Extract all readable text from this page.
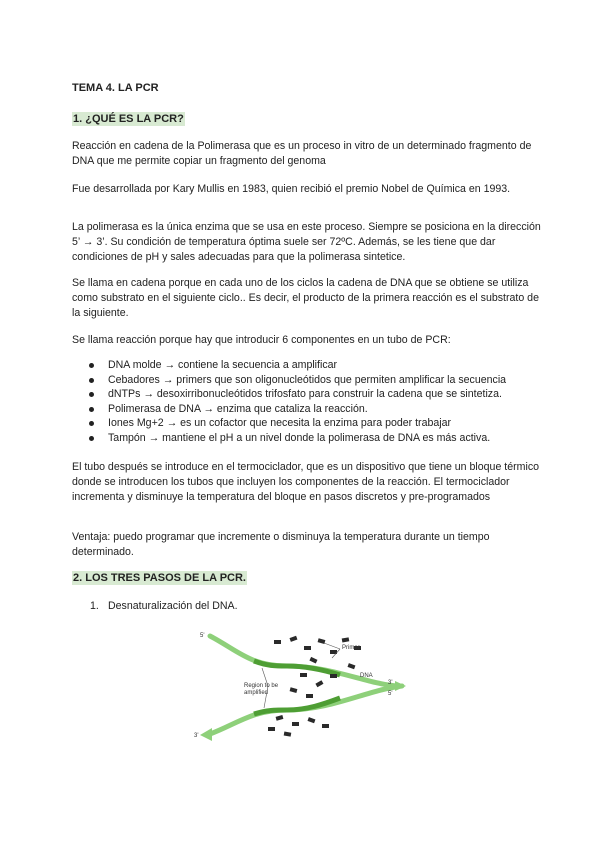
TEMA 4. LA PCR
1. ¿QUÉ ES LA PCR?

Reacción en cadena de la Polimerasa que es un proceso in vitro de un determinado fragmento de DNA que me permite copiar un fragmento del genoma

Fue desarrollada por Kary Mullis en 1983, quien recibió el premio Nobel de Química en 1993.

La polimerasa es la única enzima que se usa en este proceso. Siempre se posiciona en la dirección 5’ → 3’. Su condición de temperatura óptima suele ser 72ºC. Además, se les tiene que dar condiciones de pH y sales adecuadas para que la polimerasa sintetice.

Se llama en cadena porque en cada uno de los ciclos la cadena de DNA que se obtiene se utiliza como substrato en el siguiente ciclo.. Es decir, el producto de la primera reacción es el substrato de la siguiente.

Se llama reacción porque hay que introducir 6 componentes en un tubo de PCR:

DNA molde → contiene la secuencia a amplificar
Cebadores → primers que son oligonucleótidos que permiten amplificar la secuencia
dNTPs → desoxirribonucleótidos trifosfato para construir la cadena que se sintetiza.
Polimerasa de DNA → enzima que cataliza la reacción.
Iones Mg+2 → es un cofactor que necesita la enzima para poder trabajar
Tampón → mantiene el pH a un nivel donde la polimerasa de DNA es más activa.

El tubo después se introduce en el termociclador, que es un dispositivo que tiene un bloque térmico donde se introducen los tubos que incluyen los componentes de la reacción. El termociclador incrementa y disminuye la temperatura del bloque en pasos discretos y pre-programados

Ventaja: puedo programar que incremente o disminuya la temperatura durante un tiempo determinado.

2. LOS TRES PASOS DE LA PCR.
1. Desnaturalización del DNA.
5'
3'
3'
5'
Primer
DNA
Region to be
amplified
